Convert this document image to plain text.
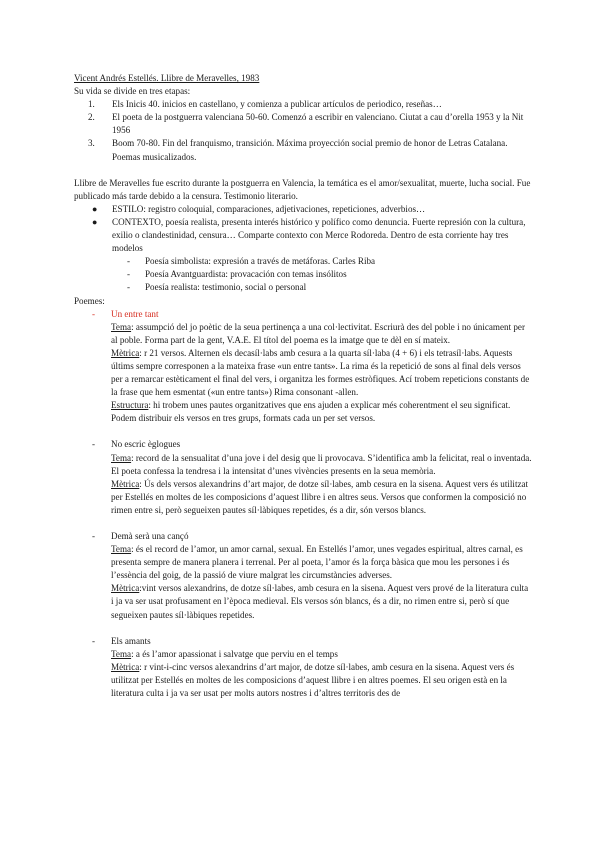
Vicent Andrés Estellés. Llibre de Meravelles, 1983

Su vida se divide en tres etapas:

1. Els Inicis 40. inicios en castellano, y comienza a publicar artículos de periodico, reseñas…
2. El poeta de la postguerra valenciana 50-60. Comenzó a escribir en valenciano. Ciutat a cau d’orella 1953 y la Nit 1956
3. Boom 70-80. Fin del franquismo, transición. Máxima proyección social premio de honor de Letras Catalana. Poemas musicalizados.

Llibre de Meravelles fue escrito durante la postguerra en Valencia, la temática es el amor/sexualitat, muerte, lucha social. Fue publicado más tarde debido a la censura. Testimonio literario.

● ESTILO: registro coloquial, comparaciones, adjetivaciones, repeticiones, adverbios…
● CONTEXTO, poesía realista, presenta interés histórico y polífico como denuncia. Fuerte represión con la cultura, exilio o clandestinidad, censura… Comparte contexto con Merce Rodoreda. Dentro de esta corriente hay tres modelos
- Poesía simbolista: expresión a través de metáforas. Carles Riba
- Poesía Avantguardista: provacación con temas insólitos
- Poesía realista: testimonio, social o personal

Poemes:

- Un entre tant

Tema: assumpció del jo poètic de la seua pertinença a una col·lectivitat. Escriurà des del poble i no únicament per al poble. Forma part de la gent, V.A.E. El títol del poema es la imatge que te dèl en sí mateix.

Mètrica: r 21 versos. Alternen els decasíl·labs amb cesura a la quarta síl·laba (4 + 6) i els tetrasíl·labs. Aquests últims sempre corresponen a la mateixa frase «un entre tants». La rima és la repetició de sons al final dels versos per a remarcar estèticament el final del vers, i organitza les formes estròfiques. Ací trobem repeticions constants de la frase que hem esmentat («un entre tants») Rima consonant -allen.

Estructura: hi trobem unes pautes organitzatives que ens ajuden a explicar més coherentment el seu significat. Podem distribuir els versos en tres grups, formats cada un per set versos.

- No escric èglogues

Tema: record de la sensualitat d’una jove i del desig que li provocava. S’identifica amb la felicitat, real o inventada. El poeta confessa la tendresa i la intensitat d’unes vivències presents en la seua memòria.

Mètrica: Ús dels versos alexandrins d’art major, de dotze síl·labes, amb cesura en la sisena. Aquest vers és utilitzat per Estellés en moltes de les composicions d’aquest llibre i en altres seus. Versos que conformen la composició no rimen entre si, però segueixen pautes síl·làbiques repetides, és a dir, són versos blancs.

- Demà serà una cançó

Tema: és el record de l’amor, un amor carnal, sexual. En Estellés l’amor, unes vegades espiritual, altres carnal, es presenta sempre de manera planera i terrenal. Per al poeta, l’amor és la força bàsica que mou les persones i és l’essència del goig, de la passió de viure malgrat les circumstàncies adverses.

Mètrica:vint versos alexandrins, de dotze síl·labes, amb cesura en la sisena. Aquest vers prové de la literatura culta i ja va ser usat profusament en l’època medieval. Els versos són blancs, és a dir, no rimen entre si, però sí que segueixen pautes síl·làbiques repetides.

- Els amants

Tema: a és l’amor apassionat i salvatge que perviu en el temps

Mètrica: r vint-i-cinc versos alexandrins d’art major, de dotze síl·labes, amb cesura en la sisena. Aquest vers és utilitzat per Estellés en moltes de les composicions d’aquest llibre i en altres poemes. El seu origen està en la literatura culta i ja va ser usat per molts autors nostres i d’altres territoris des de
